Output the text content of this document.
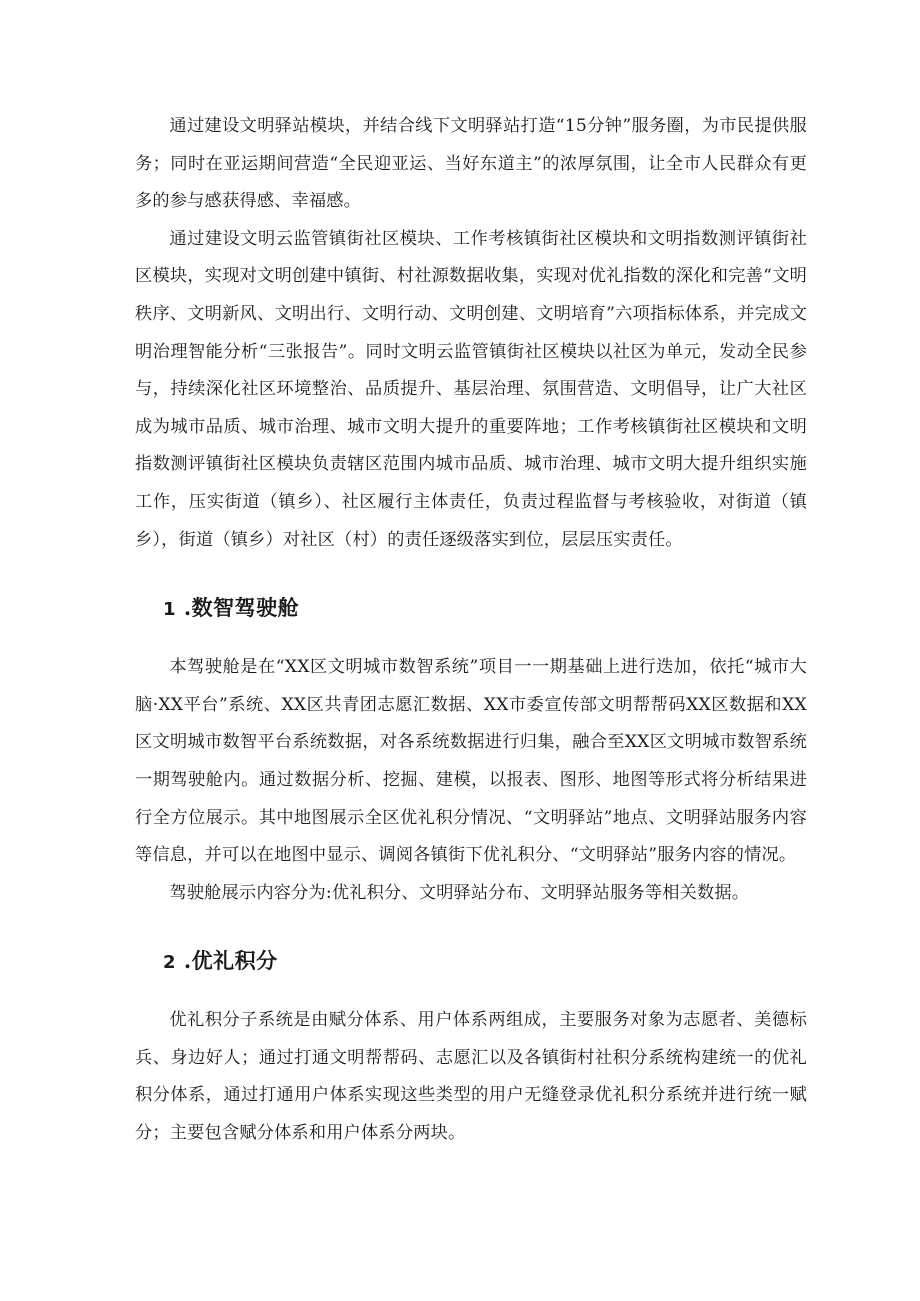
通过建设文明驿站模块，并结合线下文明驿站打造“15分钟”服务圈，为市民提供服务；同时在亚运期间营造“全民迎亚运、当好东道主”的浓厚氛围，让全市人民群众有更多的参与感获得感、幸福感。

通过建设文明云监管镇街社区模块、工作考核镇街社区模块和文明指数测评镇街社区模块，实现对文明创建中镇街、村社源数据收集，实现对优礼指数的深化和完善“文明秩序、文明新风、文明出行、文明行动、文明创建、文明培育”六项指标体系，并完成文明治理智能分析“三张报告”。同时文明云监管镇街社区模块以社区为单元，发动全民参与，持续深化社区环境整治、品质提升、基层治理、氛围营造、文明倡导，让广大社区成为城市品质、城市治理、城市文明大提升的重要阵地；工作考核镇街社区模块和文明指数测评镇街社区模块负责辖区范围内城市品质、城市治理、城市文明大提升组织实施工作，压实街道（镇乡）、社区履行主体责任，负责过程监督与考核验收，对街道（镇乡），街道（镇乡）对社区（村）的责任逐级落实到位，层层压实责任。

1 .数智驾驶舱

本驾驶舱是在“XX区文明城市数智系统”项目一一期基础上进行迭加，依托“城市大脑·XX平台”系统、XX区共青团志愿汇数据、XX市委宣传部文明帮帮码XX区数据和XX区文明城市数智平台系统数据，对各系统数据进行归集，融合至XX区文明城市数智系统一期驾驶舱内。通过数据分析、挖掘、建模，以报表、图形、地图等形式将分析结果进行全方位展示。其中地图展示全区优礼积分情况、“文明驿站”地点、文明驿站服务内容等信息，并可以在地图中显示、调阅各镇街下优礼积分、“文明驿站”服务内容的情况。

驾驶舱展示内容分为:优礼积分、文明驿站分布、文明驿站服务等相关数据。

2 .优礼积分

优礼积分子系统是由赋分体系、用户体系两组成，主要服务对象为志愿者、美德标兵、身边好人；通过打通文明帮帮码、志愿汇以及各镇街村社积分系统构建统一的优礼积分体系，通过打通用户体系实现这些类型的用户无缝登录优礼积分系统并进行统一赋分；主要包含赋分体系和用户体系分两块。
